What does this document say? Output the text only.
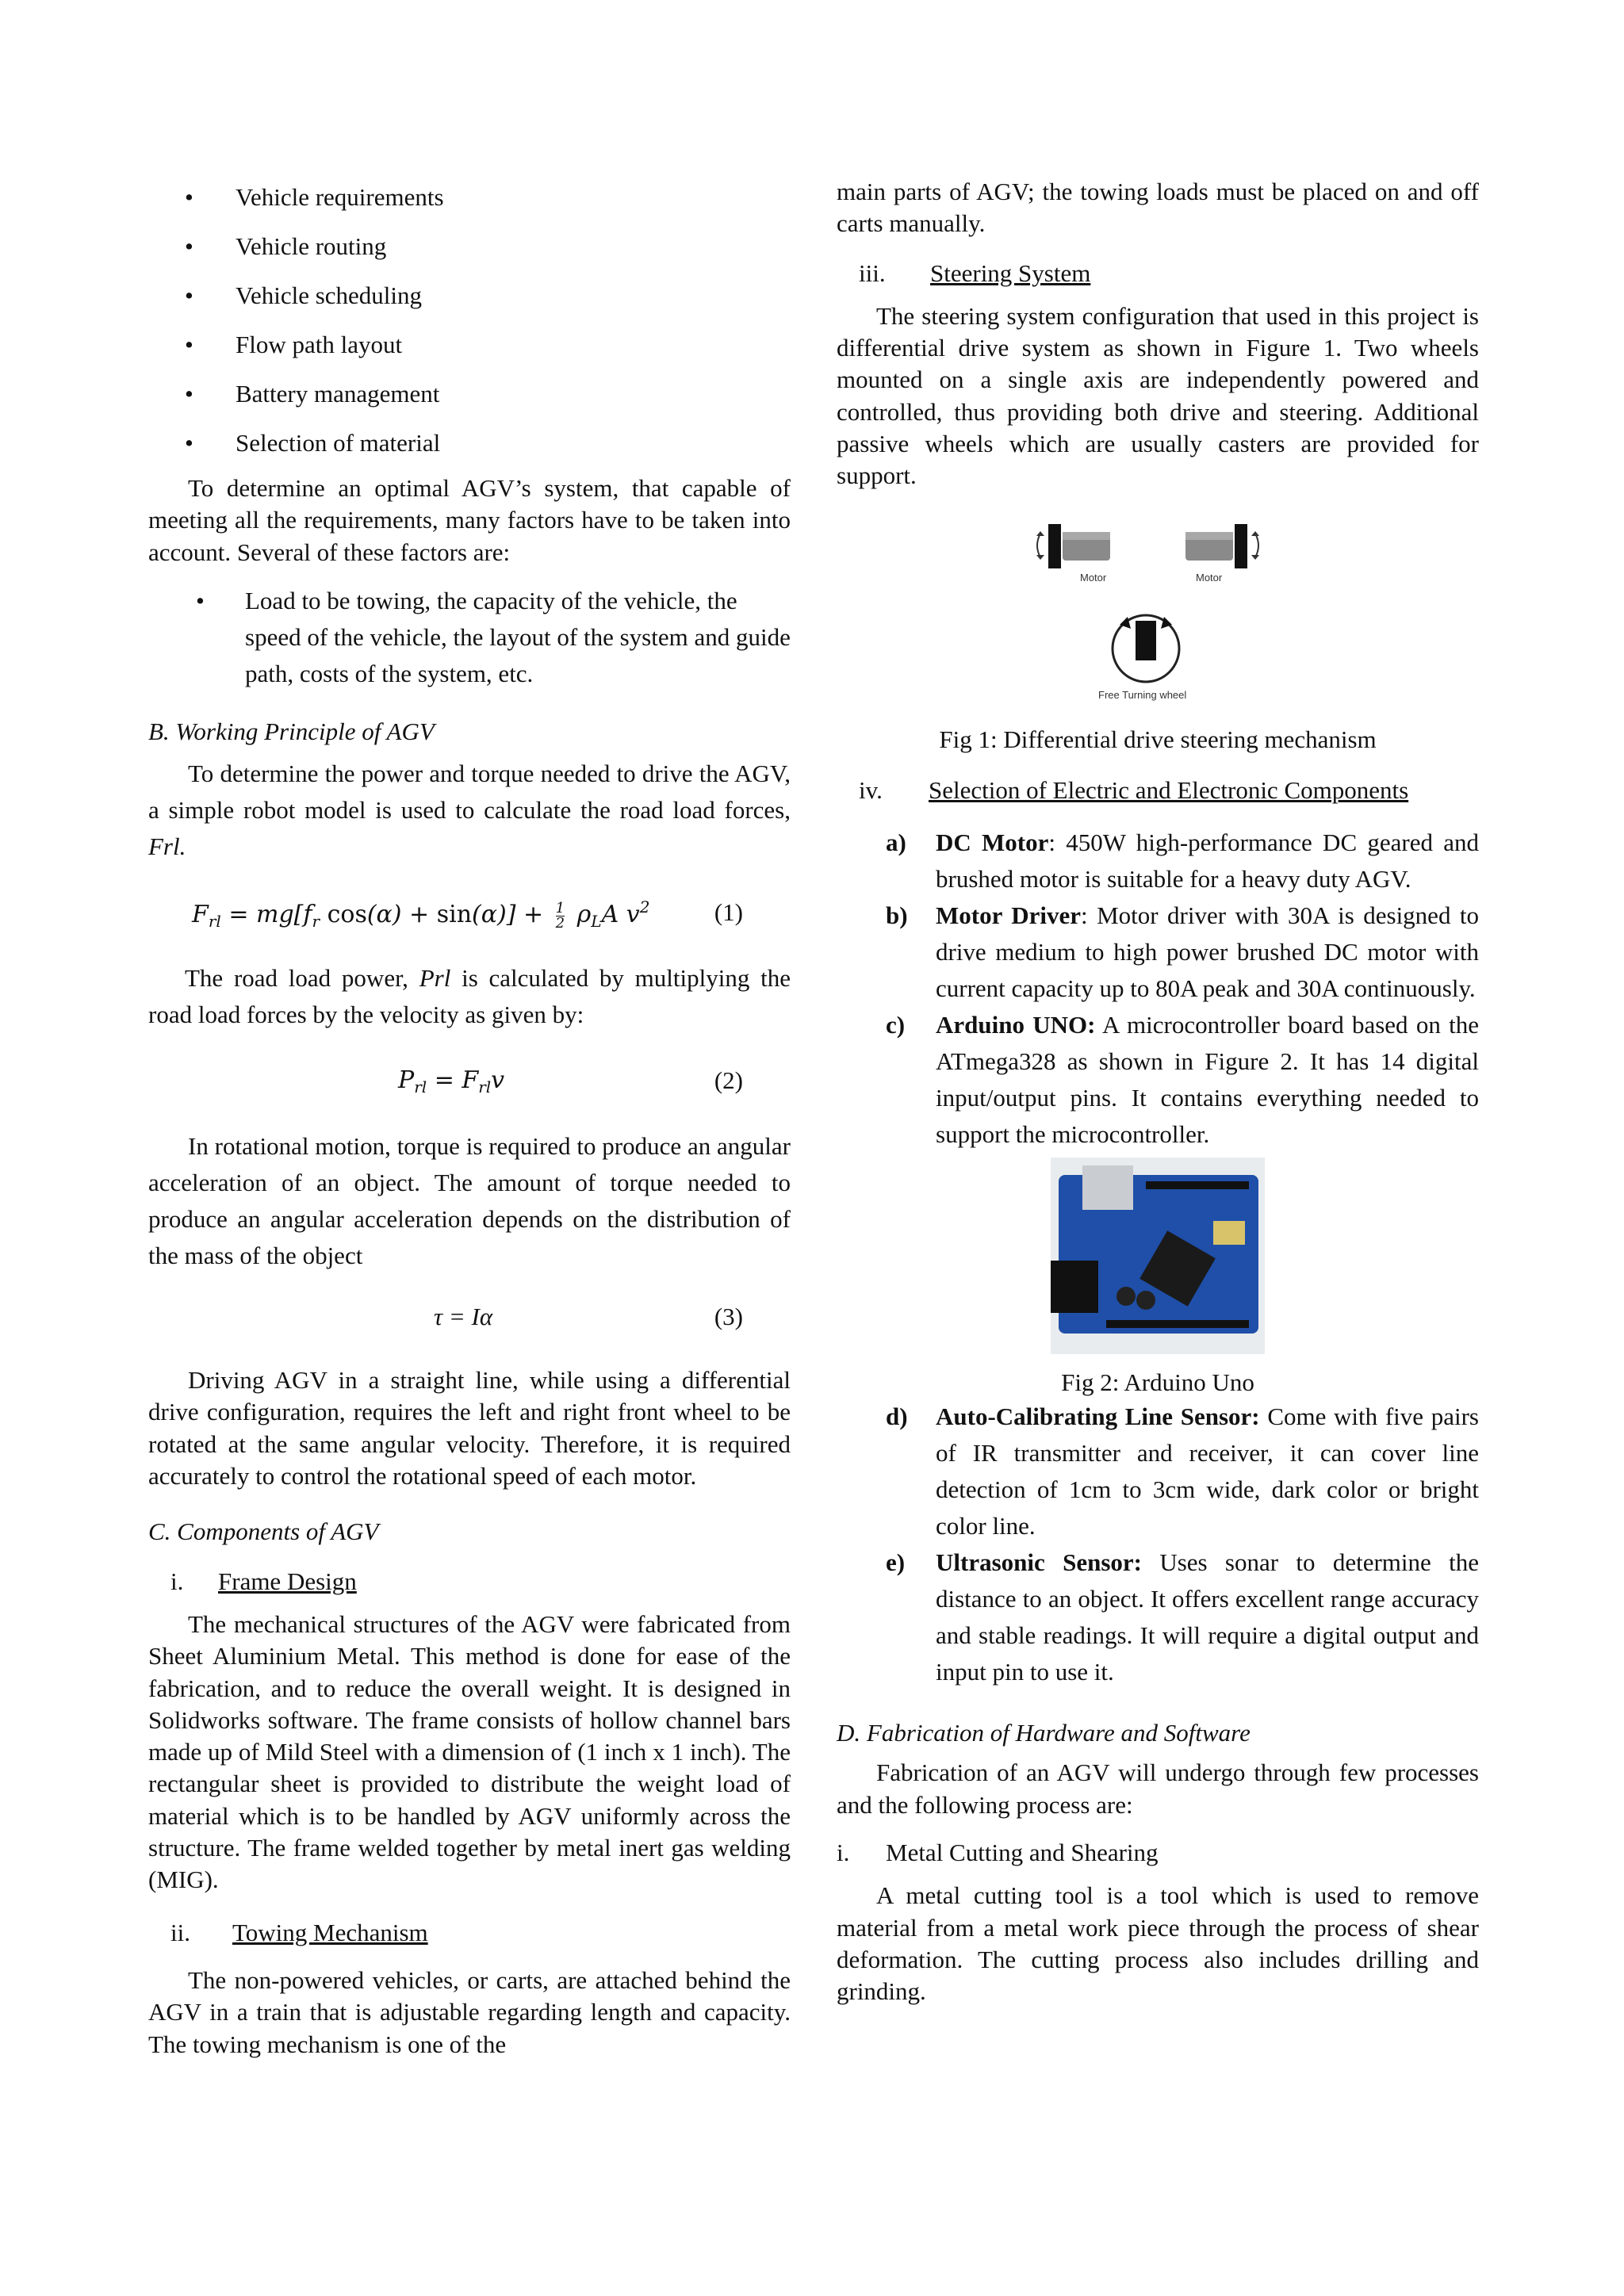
• Vehicle requirements
• Vehicle routing
• Vehicle scheduling
• Flow path layout
• Battery management
• Selection of material

To determine an optimal AGV’s system, that capable of meeting all the requirements, many factors have to be taken into account. Several of these factors are:

• Load to be towing, the capacity of the vehicle, the speed of the vehicle, the layout of the system and guide path, costs of the system, etc.
B. Working Principle of AGV

To determine the power and torque needed to drive the AGV, a simple robot model is used to calculate the road load forces, Frl.

$F_{rl} = mg[f_r$ $\cos(\alpha) + \sin(\alpha)] + \frac{1}{2} \rho_LA$ $v^2$	(1)

The road load power, Prl is calculated by multiplying the road load forces by the velocity as given by:

$P_{rl} = F_{rl}v$	(2)

In rotational motion, torque is required to produce an angular acceleration of an object. The amount of torque needed to produce an angular acceleration depends on the distribution of the mass of the object

τ = Iα	(3)

Driving AGV in a straight line, while using a differential drive configuration, requires the left and right front wheel to be rotated at the same angular velocity. Therefore, it is required accurately to control the rotational speed of each motor.

C. Components of AGV
i. Frame Design

The mechanical structures of the AGV were fabricated from Sheet Aluminium Metal. This method is done for ease of the fabrication, and to reduce the overall weight. It is designed in Solidworks software. The frame consists of hollow channel bars made up of Mild Steel with a dimension of (1 inch x 1 inch). The rectangular sheet is provided to distribute the weight load of material which is to be handled by AGV uniformly across the structure. The frame welded together by metal inert gas welding (MIG).

ii. Towing Mechanism

The non-powered vehicles, or carts, are attached behind the AGV in a train that is adjustable regarding length and capacity. The towing mechanism is one of the

main parts of AGV; the towing loads must be placed on and off carts manually.

iii. Steering System

The steering system configuration that used in this project is differential drive system as shown in Figure 1. Two wheels mounted on a single axis are independently powered and controlled, thus providing both drive and steering. Additional passive wheels which are usually casters are provided for support.

Motor	Motor
Free Turning wheel
Fig 1: Differential drive steering mechanism
iv. Selection of Electric and Electronic Components
a) DC Motor: 450W high-performance DC geared and brushed motor is suitable for a heavy duty AGV.
b) Motor Driver: Motor driver with 30A is designed to drive medium to high power brushed DC motor with current capacity up to 80A peak and 30A continuously.
c) Arduino UNO: A microcontroller board based on the ATmega328 as shown in Figure 2. It has 14 digital input/output pins. It contains everything needed to support the microcontroller.
Fig 2: Arduino Uno
d) Auto-Calibrating Line Sensor: Come with five pairs of IR transmitter and receiver, it can cover line detection of 1cm to 3cm wide, dark color or bright color line.
e) Ultrasonic Sensor: Uses sonar to determine the distance to an object. It offers excellent range accuracy and stable readings. It will require a digital output and input pin to use it.
D. Fabrication of Hardware and Software

Fabrication of an AGV will undergo through few processes and the following process are:

i. Metal Cutting and Shearing

A metal cutting tool is a tool which is used to remove material from a metal work piece through the process of shear deformation. The cutting process also includes drilling and grinding.
